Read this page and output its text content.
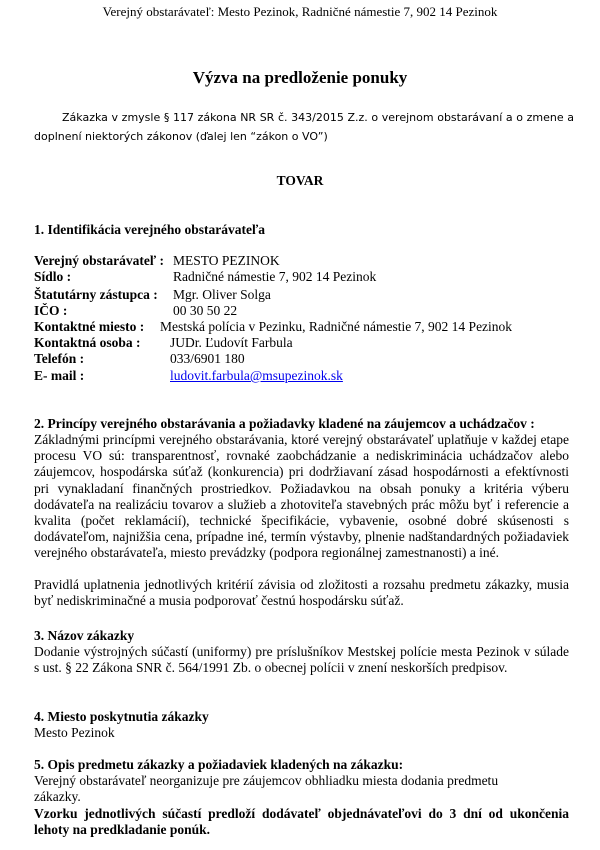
Verejný obstarávateľ: Mesto Pezinok, Radničné námestie 7, 902 14 Pezinok
Výzva na predloženie ponuky
Zákazka v zmysle § 117 zákona NR SR č. 343/2015 Z.z. o verejnom obstarávaní a o zmene a doplnení niektorých zákonov (ďalej len “zákon o VO”)
TOVAR
1. Identifikácia verejného obstarávateľa
Verejný obstarávateľ : MESTO PEZINOK
Sídlo :	Radničné námestie 7, 902 14 Pezinok
Štatutárny zástupca : Mgr. Oliver Solga
IČO :	00 30 50 22
Kontaktné miesto : Mestská polícia v Pezinku, Radničné námestie 7, 902 14 Pezinok
Kontaktná osoba : JUDr. Ľudovít Farbula
Telefón :	033/6901 180
E- mail :	ludovit.farbula@msupezinok.sk
2. Princípy verejného obstarávania a požiadavky kladené na záujemcov a uchádzačov :
Základnými princípmi verejného obstarávania, ktoré verejný obstarávateľ uplatňuje v každej etape procesu VO sú: transparentnosť, rovnaké zaobchádzanie a nediskriminácia uchádzačov alebo záujemcov, hospodárska súťaž (konkurencia) pri dodržiavaní zásad hospodárnosti a efektívnosti pri vynakladaní finančných prostriedkov. Požiadavkou na obsah ponuky a kritéria výberu dodávateľa na realizáciu tovarov a služieb a zhotoviteľa stavebných prác môžu byť i referencie a kvalita (počet reklamácií), technické špecifikácie, vybavenie, osobné dobré skúsenosti s dodávateľom, najnižšia cena, prípadne iné, termín výstavby, plnenie nadštandardných požiadaviek verejného obstarávateľa, miesto prevádzky (podpora regionálnej zamestnanosti) a iné.
Pravidlá uplatnenia jednotlivých kritérií závisia od zložitosti a rozsahu predmetu zákazky, musia byť nediskriminačné a musia podporovať čestnú hospodársku súťaž.
3. Názov zákazky
Dodanie výstrojných súčastí (uniformy) pre príslušníkov Mestskej polície mesta Pezinok v súlade s ust. § 22 Zákona SNR č. 564/1991 Zb. o obecnej polícii v znení neskorších predpisov.
4. Miesto poskytnutia zákazky
Mesto Pezinok
5. Opis predmetu zákazky a požiadaviek kladených na zákazku:
Verejný obstarávateľ neorganizuje pre záujemcov obhliadku miesta dodania predmetu zákazky.
Vzorku jednotlivých súčastí predloží dodávateľ objednávateľovi do 3 dní od ukončenia lehoty na predkladanie ponúk.
